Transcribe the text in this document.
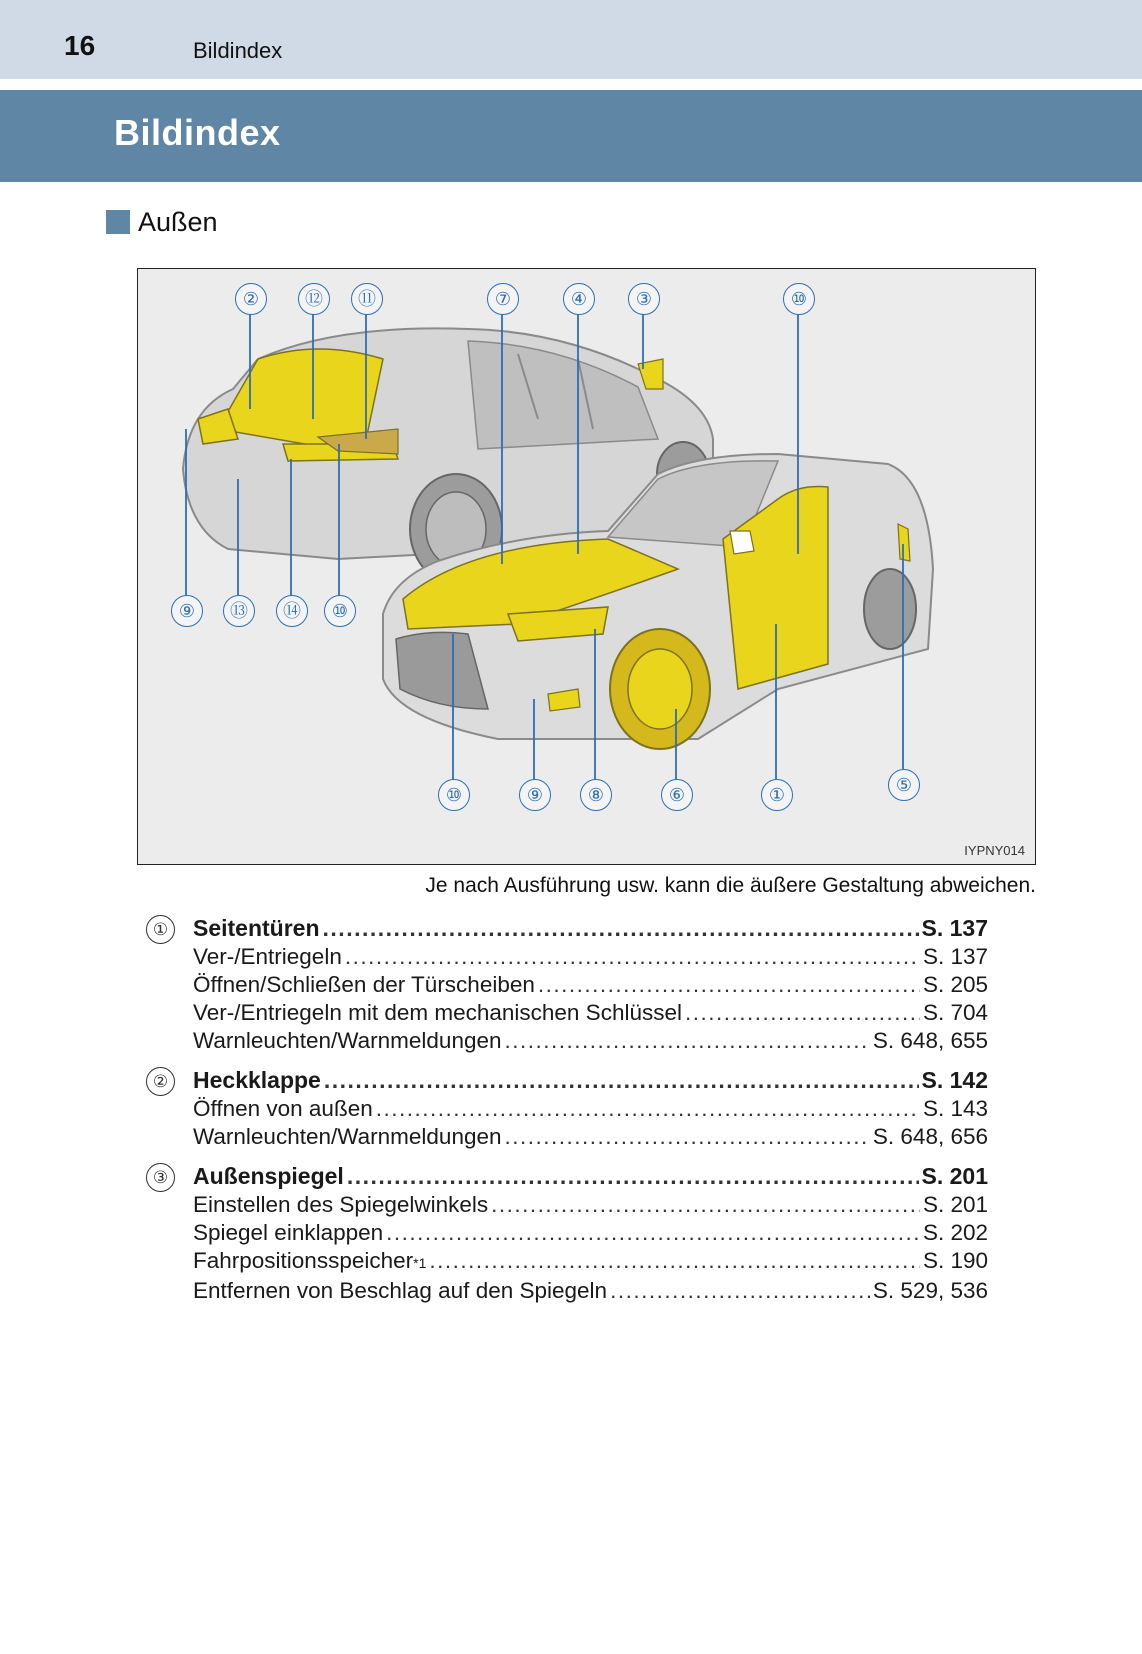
16	Bildindex
Bildindex
Außen
②	⑫	⑪	⑦	④	③	⑩
⑨	⑬	⑭	⑩
⑩	⑨	⑧	⑥	①	⑤
IYPNY014
Je nach Ausführung usw. kann die äußere Gestaltung abweichen.
① Seitentüren .....	S. 137
Ver-/Entriegeln .....	S. 137
Öffnen/Schließen der Türscheiben .....	S. 205
Ver-/Entriegeln mit dem mechanischen Schlüssel .....	S. 704
Warnleuchten/Warnmeldungen .....	S. 648, 655
② Heckklappe .....	S. 142
Öffnen von außen .....	S. 143
Warnleuchten/Warnmeldungen .....	S. 648, 656
③ Außenspiegel .....	S. 201
Einstellen des Spiegelwinkels .....	S. 201
Spiegel einklappen .....	S. 202
Fahrpositionsspeicher *1 .....	S. 190
Entfernen von Beschlag auf den Spiegeln .....	S. 529, 536
